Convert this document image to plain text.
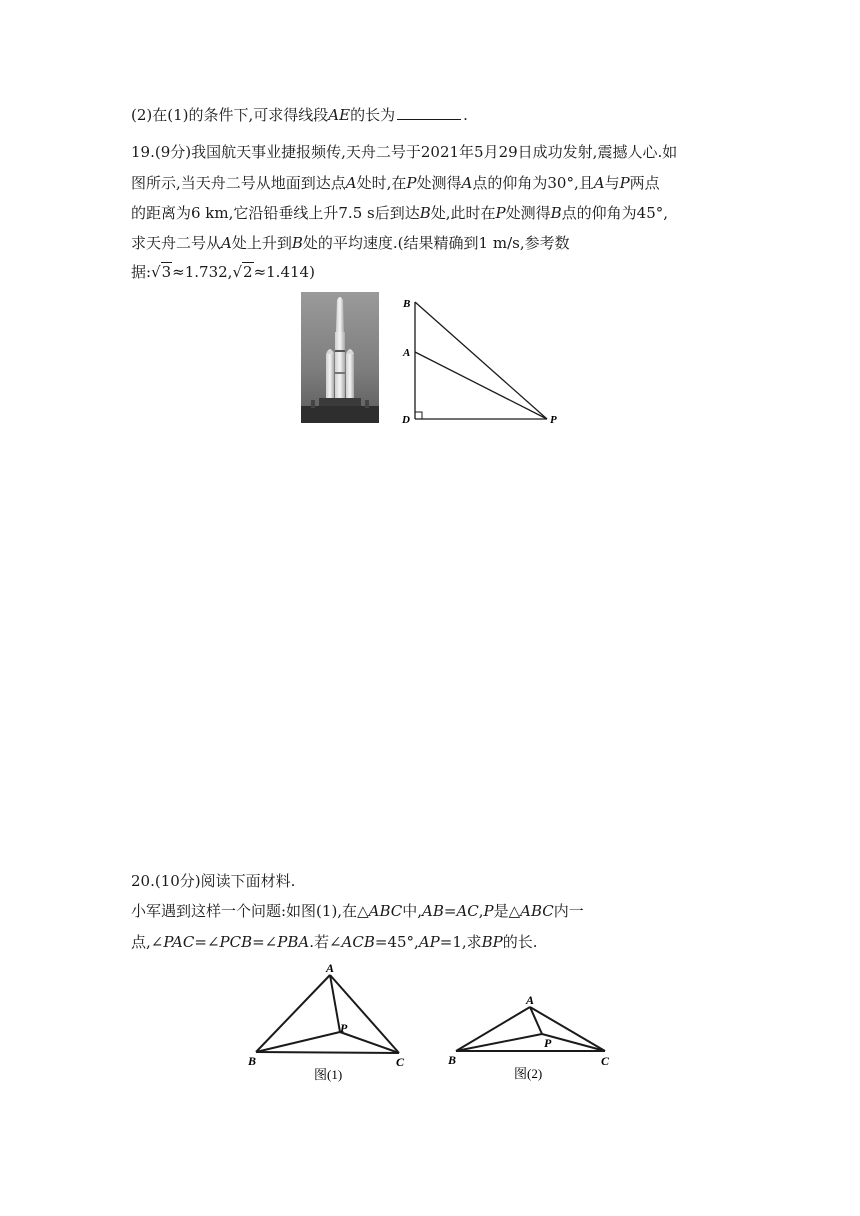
(2)在(1)的条件下,可求得线段AE的长为	.
19.(9分)我国航天事业捷报频传,天舟二号于2021年5月29日成功发射,震撼人心.如
图所示,当天舟二号从地面到达点A处时,在P处测得A点的仰角为30°,且A与P两点
的距离为6 km,它沿铅垂线上升7.5 s后到达B处,此时在P处测得B点的仰角为45°,
求天舟二号从A处上升到B处的平均速度.(结果精确到1 m/s,参考数
据:√3≈1.732,√2≈1.414)
B
A
D	P
20.(10分)阅读下面材料.
小军遇到这样一个问题:如图(1),在△ABC中,AB=AC,P是△ABC内一
点,∠PAC=∠PCB=∠PBA.若∠ACB=45°,AP=1,求BP的长.
A
B	C
P
图(1)
A
B	C
P
图(2)
